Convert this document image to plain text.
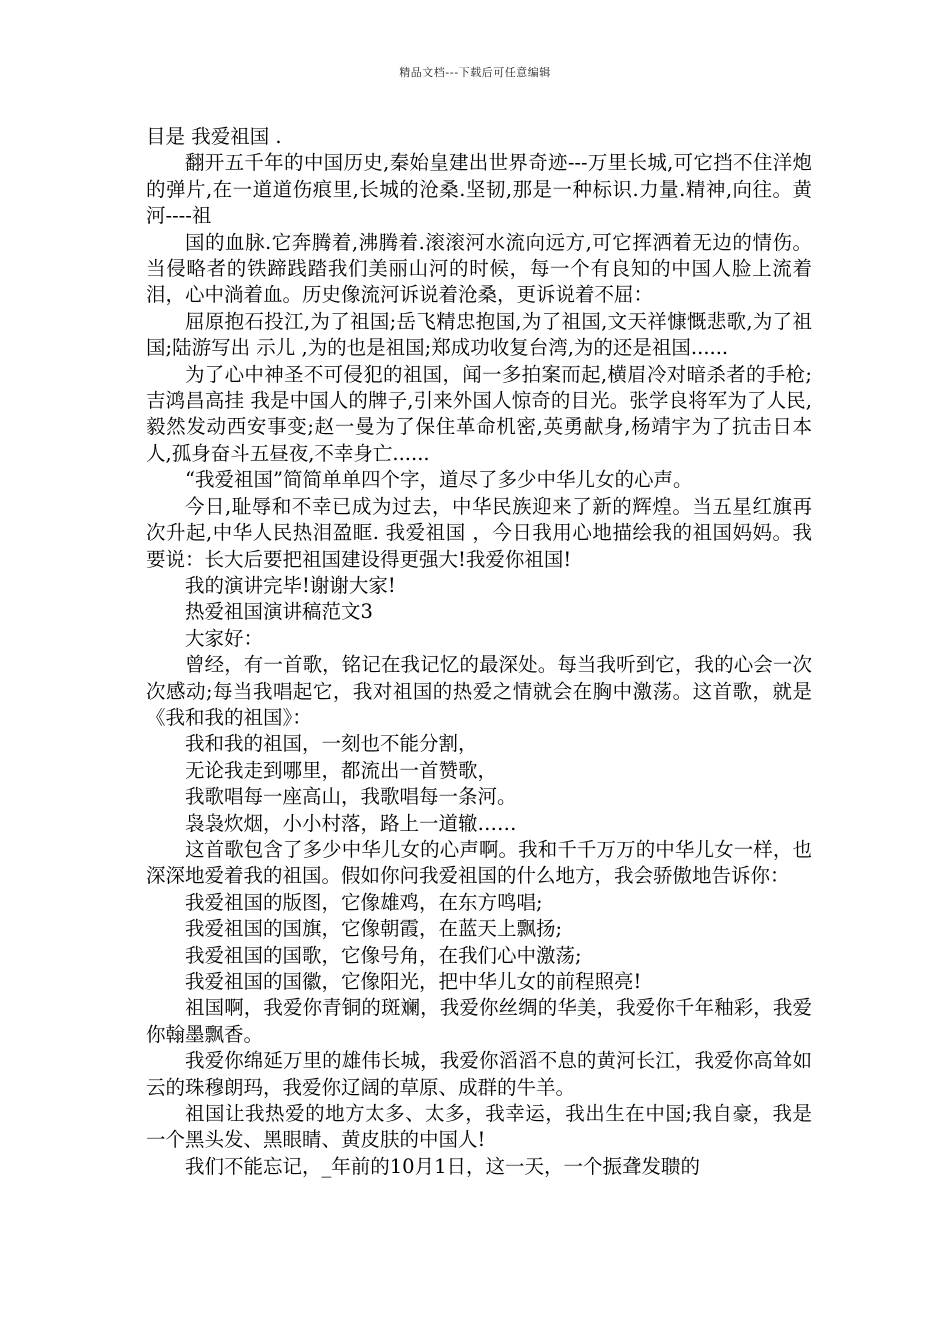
精品文档---下载后可任意编辑

目是 我爱祖国 .

翻开五千年的中国历史,秦始皇建出世界奇迹---万里长城,可它挡不住洋炮的弹片,在一道道伤痕里,长城的沧桑.坚韧,那是一种标识.力量.精神,向往。黄河----祖

国的血脉.它奔腾着,沸腾着.滚滚河水流向远方,可它挥洒着无边的情伤。当侵略者的铁蹄践踏我们美丽山河的时候，每一个有良知的中国人脸上流着泪，心中淌着血。历史像流河诉说着沧桑，更诉说着不屈：

屈原抱石投江,为了祖国;岳飞精忠抱国,为了祖国,文天祥慷慨悲歌,为了祖国;陆游写出 示儿 ,为的也是祖国;郑成功收复台湾,为的还是祖国......

为了心中神圣不可侵犯的祖国，闻一多拍案而起,横眉冷对暗杀者的手枪;吉鸿昌高挂 我是中国人的牌子,引来外国人惊奇的目光。张学良将军为了人民,毅然发动西安事变;赵一曼为了保住革命机密,英勇献身,杨靖宇为了抗击日本人,孤身奋斗五昼夜,不幸身亡......

“我爱祖国”简简单单四个字，道尽了多少中华儿女的心声。

今日,耻辱和不幸已成为过去，中华民族迎来了新的辉煌。当五星红旗再次升起,中华人民热泪盈眶. 我爱祖国 ，今日我用心地描绘我的祖国妈妈。我要说：长大后要把祖国建设得更强大!我爱你祖国!

我的演讲完毕!谢谢大家!

热爱祖国演讲稿范文3

大家好：

曾经，有一首歌，铭记在我记忆的最深处。每当我听到它，我的心会一次次感动;每当我唱起它，我对祖国的热爱之情就会在胸中激荡。这首歌，就是《我和我的祖国》：

我和我的祖国，一刻也不能分割，

无论我走到哪里，都流出一首赞歌，

我歌唱每一座高山，我歌唱每一条河。

袅袅炊烟，小小村落，路上一道辙……

这首歌包含了多少中华儿女的心声啊。我和千千万万的中华儿女一样，也深深地爱着我的祖国。假如你问我爱祖国的什么地方，我会骄傲地告诉你：

我爱祖国的版图，它像雄鸡，在东方鸣唱;

我爱祖国的国旗，它像朝霞，在蓝天上飘扬;

我爱祖国的国歌，它像号角，在我们心中激荡;

我爱祖国的国徽，它像阳光，把中华儿女的前程照亮!

祖国啊，我爱你青铜的斑斓，我爱你丝绸的华美，我爱你千年釉彩，我爱你翰墨飘香。

我爱你绵延万里的雄伟长城，我爱你滔滔不息的黄河长江，我爱你高耸如云的珠穆朗玛，我爱你辽阔的草原、成群的牛羊。

祖国让我热爱的地方太多、太多，我幸运，我出生在中国;我自豪，我是一个黑头发、黑眼睛、黄皮肤的中国人!

我们不能忘记，_年前的10月1日，这一天，一个振聋发聩的
